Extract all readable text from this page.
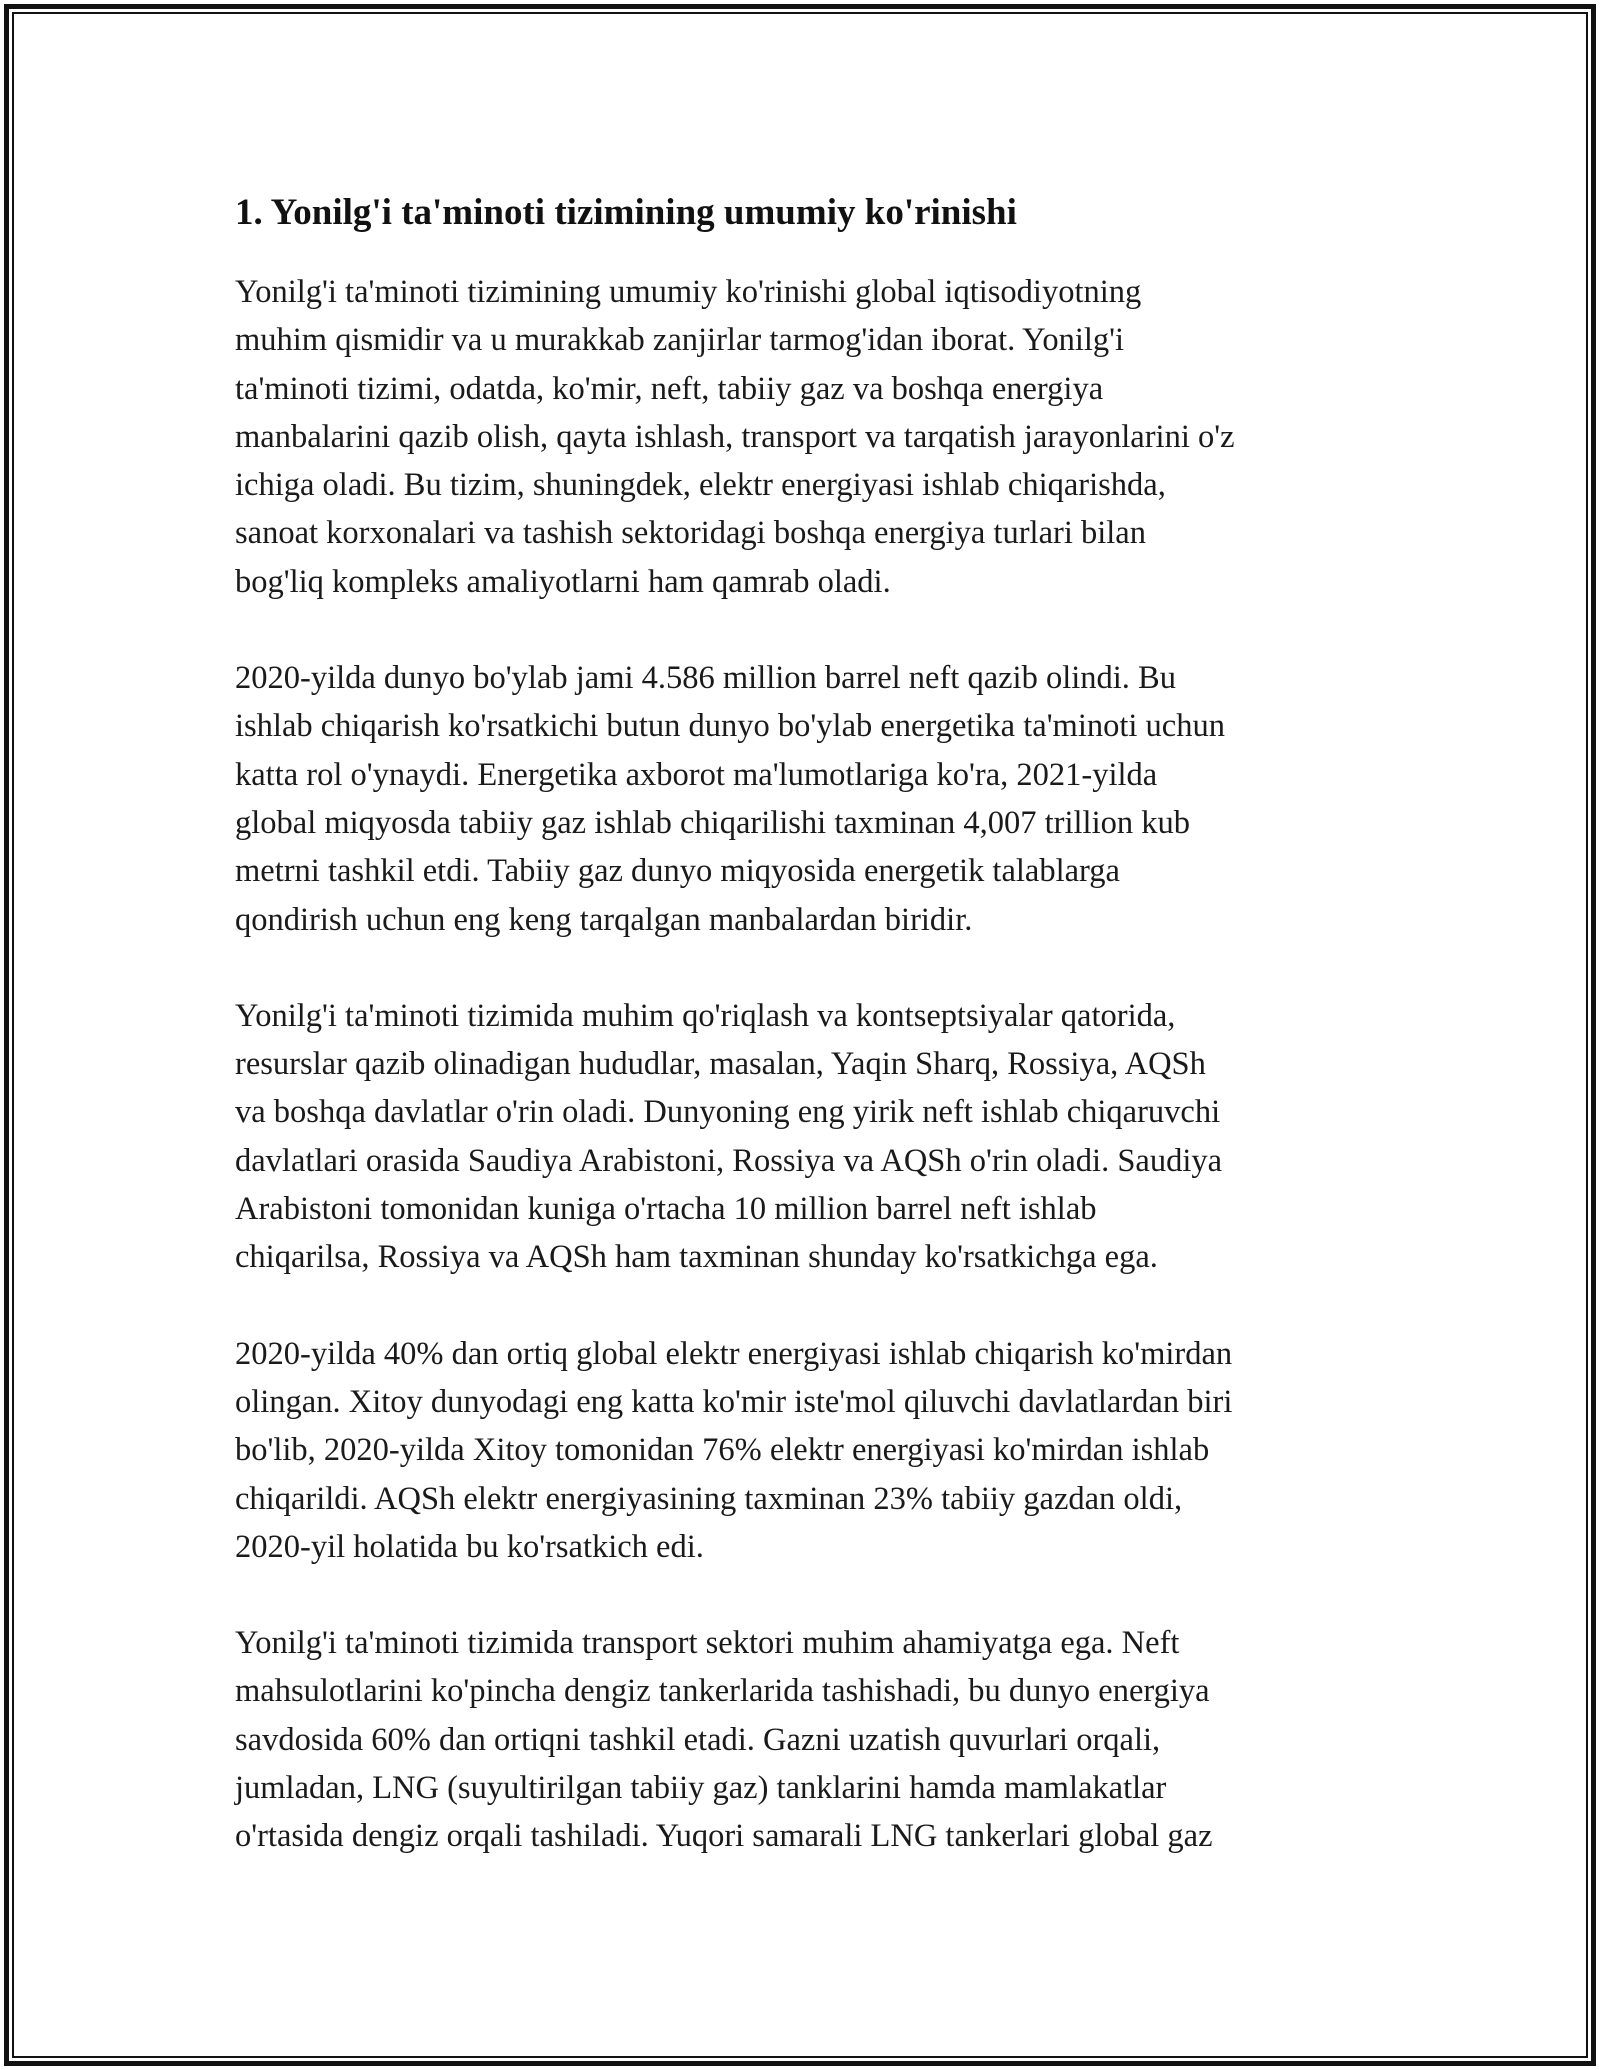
1. Yonilg'i ta'minoti tizimining umumiy ko'rinishi

Yonilg'i ta'minoti tizimining umumiy ko'rinishi global iqtisodiyotning
muhim qismidir va u murakkab zanjirlar tarmog'idan iborat. Yonilg'i
ta'minoti tizimi, odatda, ko'mir, neft, tabiiy gaz va boshqa energiya
manbalarini qazib olish, qayta ishlash, transport va tarqatish jarayonlarini o'z
ichiga oladi. Bu tizim, shuningdek, elektr energiyasi ishlab chiqarishda,
sanoat korxonalari va tashish sektoridagi boshqa energiya turlari bilan
bog'liq kompleks amaliyotlarni ham qamrab oladi.

2020-yilda dunyo bo'ylab jami 4.586 million barrel neft qazib olindi. Bu
ishlab chiqarish ko'rsatkichi butun dunyo bo'ylab energetika ta'minoti uchun
katta rol o'ynaydi. Energetika axborot ma'lumotlariga ko'ra, 2021-yilda
global miqyosda tabiiy gaz ishlab chiqarilishi taxminan 4,007 trillion kub
metrni tashkil etdi. Tabiiy gaz dunyo miqyosida energetik talablarga
qondirish uchun eng keng tarqalgan manbalardan biridir.

Yonilg'i ta'minoti tizimida muhim qo'riqlash va kontseptsiyalar qatorida,
resurslar qazib olinadigan hududlar, masalan, Yaqin Sharq, Rossiya, AQSh
va boshqa davlatlar o'rin oladi. Dunyoning eng yirik neft ishlab chiqaruvchi
davlatlari orasida Saudiya Arabistoni, Rossiya va AQSh o'rin oladi. Saudiya
Arabistoni tomonidan kuniga o'rtacha 10 million barrel neft ishlab
chiqarilsa, Rossiya va AQSh ham taxminan shunday ko'rsatkichga ega.

2020-yilda 40% dan ortiq global elektr energiyasi ishlab chiqarish ko'mirdan
olingan. Xitoy dunyodagi eng katta ko'mir iste'mol qiluvchi davlatlardan biri
bo'lib, 2020-yilda Xitoy tomonidan 76% elektr energiyasi ko'mirdan ishlab
chiqarildi. AQSh elektr energiyasining taxminan 23% tabiiy gazdan oldi,
2020-yil holatida bu ko'rsatkich edi.

Yonilg'i ta'minoti tizimida transport sektori muhim ahamiyatga ega. Neft
mahsulotlarini ko'pincha dengiz tankerlarida tashishadi, bu dunyo energiya
savdosida 60% dan ortiqni tashkil etadi. Gazni uzatish quvurlari orqali,
jumladan, LNG (suyultirilgan tabiiy gaz) tanklarini hamda mamlakatlar
o'rtasida dengiz orqali tashiladi. Yuqori samarali LNG tankerlari global gaz
